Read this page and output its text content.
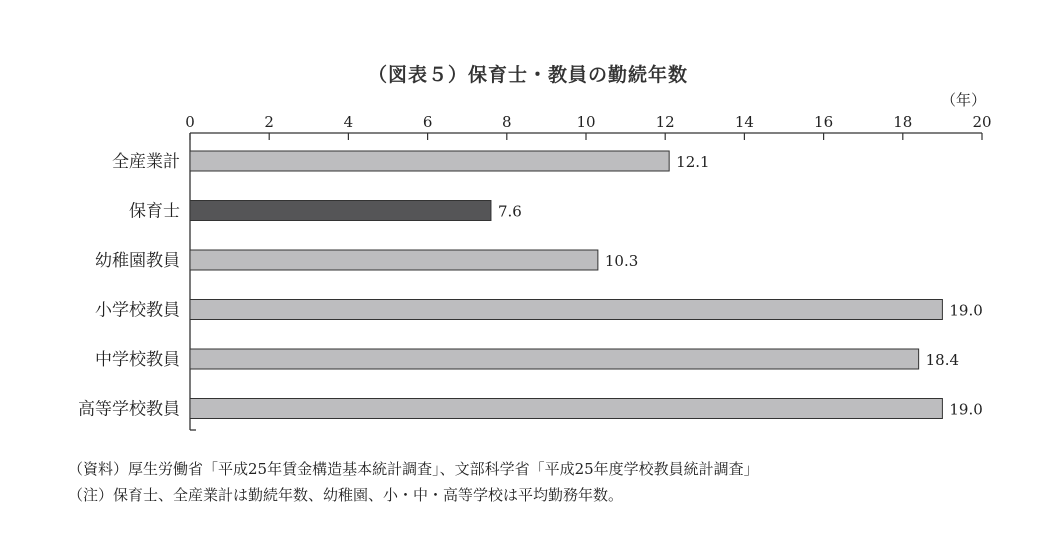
（図表５）保育士・教員の勤続年数
0	2	4	6	8	10	12	14	16	18	20
（年）
全産業計	12.1
保育士	7.6
幼稚園教員	10.3
小学校教員	19.0
中学校教員	18.4
高等学校教員	19.0
（資料）厚生労働省「平成25年賃金構造基本統計調査」、文部科学省「平成25年度学校教員統計調査」
（注）保育士、全産業計は勤続年数、幼稚園、小・中・高等学校は平均勤務年数。
